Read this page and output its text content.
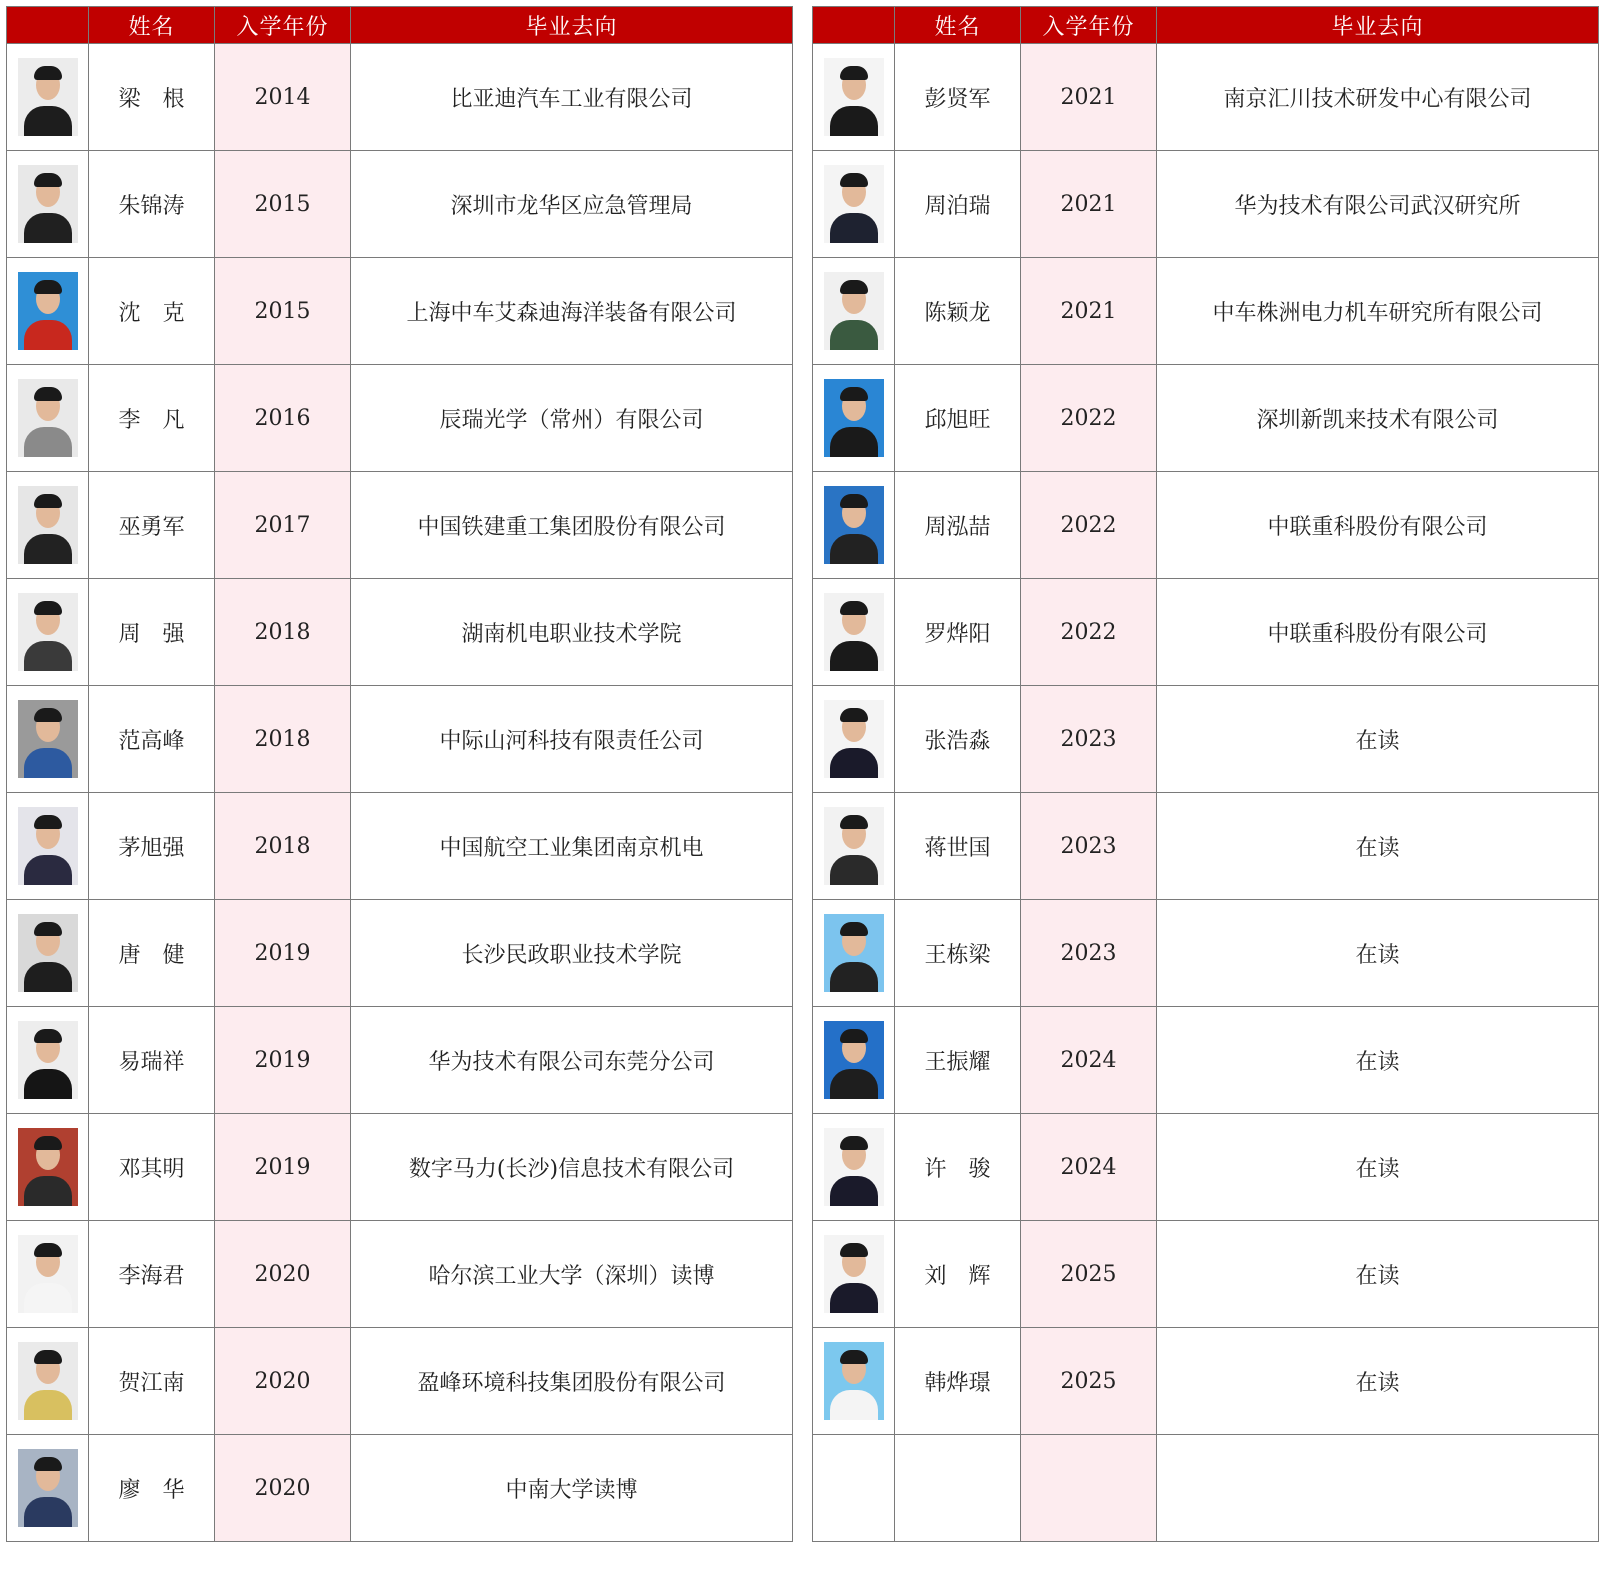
	姓名	入学年份	毕业去向

	梁　根	2014	比亚迪汽车工业有限公司

	朱锦涛	2015	深圳市龙华区应急管理局

	沈　克	2015	上海中车艾森迪海洋装备有限公司

	李　凡	2016	辰瑞光学（常州）有限公司

	巫勇军	2017	中国铁建重工集团股份有限公司

	周　强	2018	湖南机电职业技术学院

	范高峰	2018	中际山河科技有限责任公司

	茅旭强	2018	中国航空工业集团南京机电

	唐　健	2019	长沙民政职业技术学院

	易瑞祥	2019	华为技术有限公司东莞分公司

	邓其明	2019	数字马力(长沙)信息技术有限公司

	李海君	2020	哈尔滨工业大学（深圳）读博

	贺江南	2020	盈峰环境科技集团股份有限公司

	廖　华	2020	中南大学读博
	姓名	入学年份	毕业去向

	彭贤军	2021	南京汇川技术研发中心有限公司

	周泊瑞	2021	华为技术有限公司武汉研究所

	陈颖龙	2021	中车株洲电力机车研究所有限公司

	邱旭旺	2022	深圳新凯来技术有限公司

	周泓喆	2022	中联重科股份有限公司

	罗烨阳	2022	中联重科股份有限公司

	张浩淼	2023	在读

	蒋世国	2023	在读

	王栋梁	2023	在读

	王振耀	2024	在读

	许　骏	2024	在读

	刘　辉	2025	在读

	韩烨璟	2025	在读
